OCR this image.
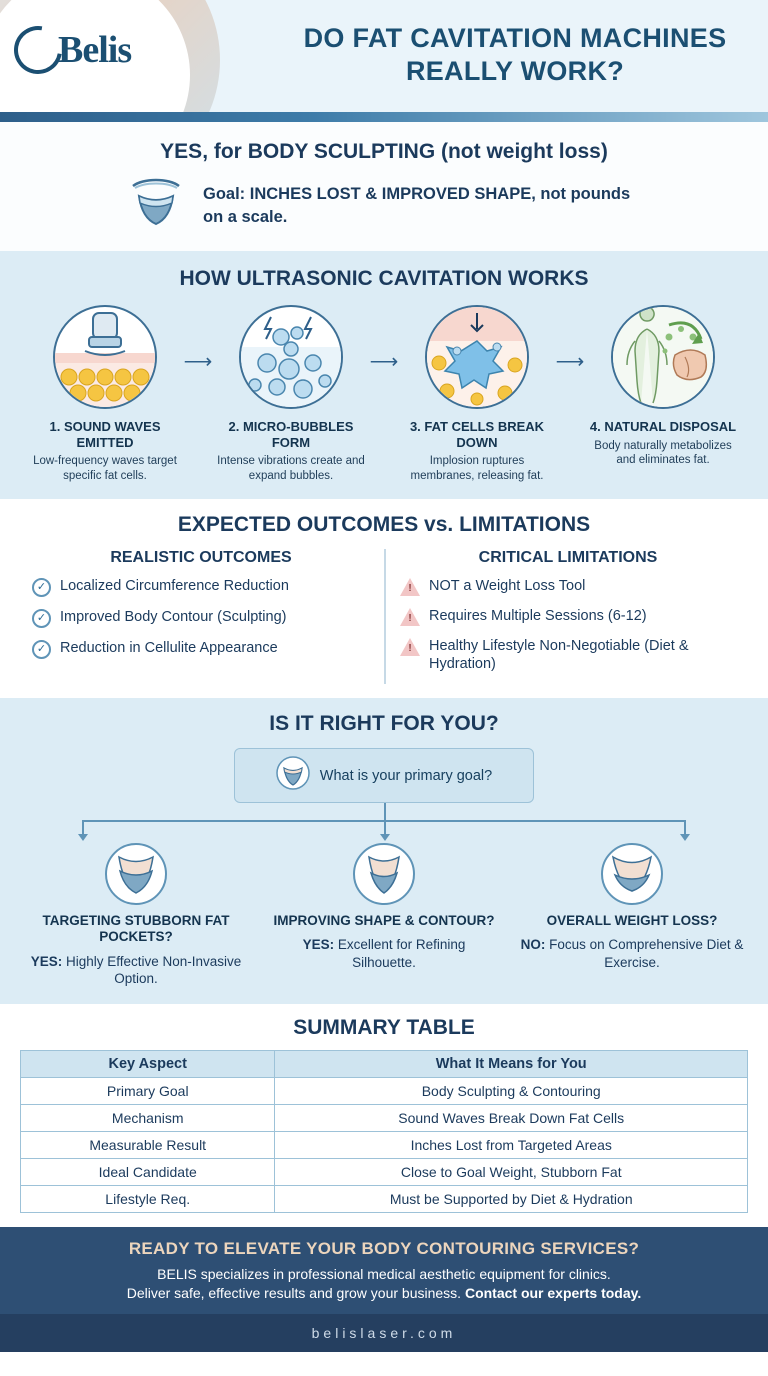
Belis	DO FAT CAVITATION MACHINES REALLY WORK?
YES, for BODY SCULPTING (not weight loss)
Goal: INCHES LOST & IMPROVED SHAPE, not pounds on a scale.
HOW ULTRASONIC CAVITATION WORKS
1. SOUND WAVES EMITTED
Low-frequency waves target specific fat cells.
⟶
2. MICRO-BUBBLES FORM
Intense vibrations create and expand bubbles.
⟶
3. FAT CELLS BREAK DOWN
Implosion ruptures membranes, releasing fat.
⟶
4. NATURAL DISPOSAL
Body naturally metabolizes and eliminates fat.
EXPECTED OUTCOMES vs. LIMITATIONS
REALISTIC OUTCOMES
✓ Localized Circumference Reduction
✓ Improved Body Contour (Sculpting)
✓ Reduction in Cellulite Appearance
CRITICAL LIMITATIONS
!
NOT a Weight Loss Tool
!
Requires Multiple Sessions (6-12)
!
Healthy Lifestyle Non-Negotiable (Diet & Hydration)
IS IT RIGHT FOR YOU?
What is your primary goal?
TARGETING STUBBORN FAT POCKETS?
YES: Highly Effective Non-Invasive Option.
IMPROVING SHAPE & CONTOUR?
YES: Excellent for Refining Silhouette.
OVERALL WEIGHT LOSS?
NO: Focus on Comprehensive Diet & Exercise.
SUMMARY TABLE
Key Aspect	What It Means for You
Primary Goal	Body Sculpting & Contouring
Mechanism	Sound Waves Break Down Fat Cells
Measurable Result	Inches Lost from Targeted Areas
Ideal Candidate	Close to Goal Weight, Stubborn Fat
Lifestyle Req.	Must be Supported by Diet & Hydration
READY TO ELEVATE YOUR BODY CONTOURING SERVICES?

BELIS specializes in professional medical aesthetic equipment for clinics.

Deliver safe, effective results and grow your business. Contact our experts today.

belislaser.com
